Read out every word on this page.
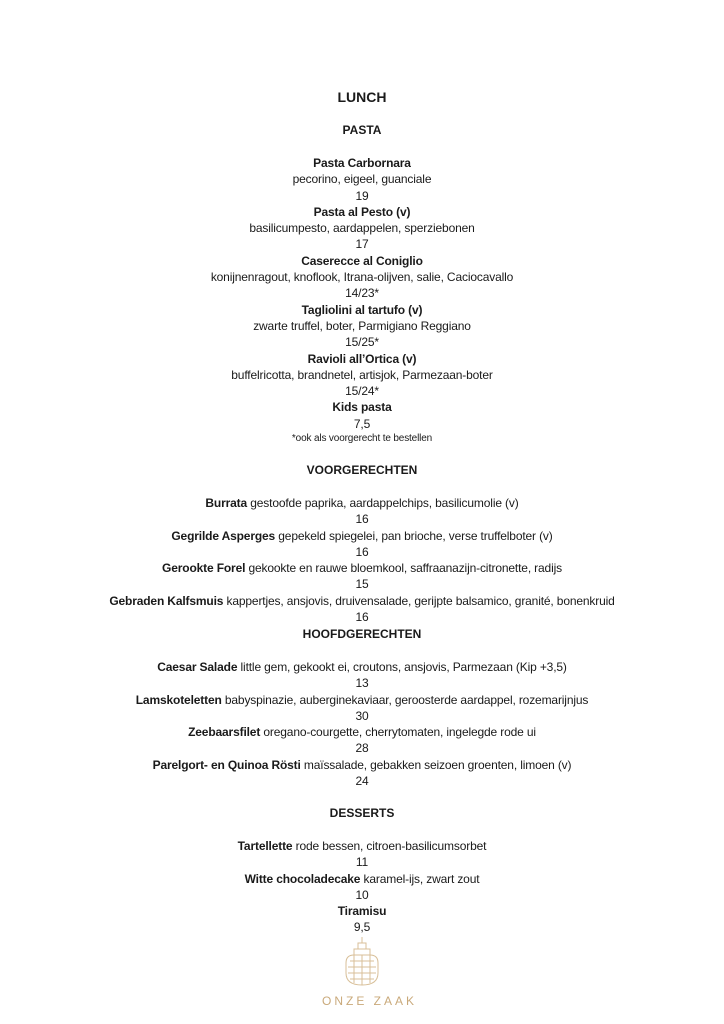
LUNCH
PASTA
Pasta Carbornara
pecorino, eigeel, guanciale
19
Pasta al Pesto (v)
basilicumpesto, aardappelen, sperziebonen
17
Caserecce al Coniglio
konijnenragout, knoflook, Itrana-olijven, salie, Caciocavallo
14/23*
Tagliolini al tartufo (v)
zwarte truffel, boter, Parmigiano Reggiano
15/25*
Ravioli all’Ortica (v)
buffelricotta, brandnetel, artisjok, Parmezaan-boter
15/24*
Kids pasta
7,5
*ook als voorgerecht te bestellen
VOORGERECHTEN
Burrata gestoofde paprika, aardappelchips, basilicumolie (v)
16
Gegrilde Asperges gepekeld spiegelei, pan brioche, verse truffelboter (v)
16
Gerookte Forel gekookte en rauwe bloemkool, saffraanazijn-citronette, radijs
15
Gebraden Kalfsmuis kappertjes, ansjovis, druivensalade, gerijpte balsamico, granité, bonenkruid
16
HOOFDGERECHTEN
Caesar Salade little gem, gekookt ei, croutons, ansjovis, Parmezaan (Kip +3,5)
13
Lamskoteletten babyspinazie, auberginekaviaar, geroosterde aardappel, rozemarijnjus
30
Zeebaarsfilet oregano-courgette, cherrytomaten, ingelegde rode ui
28
Parelgort- en Quinoa Rösti maïssalade, gebakken seizoen groenten, limoen (v)
24
DESSERTS
Tartellette rode bessen, citroen-basilicumsorbet
11
Witte chocoladecake karamel-ijs, zwart zout
10
Tiramisu
9,5
ONZE ZAAK
